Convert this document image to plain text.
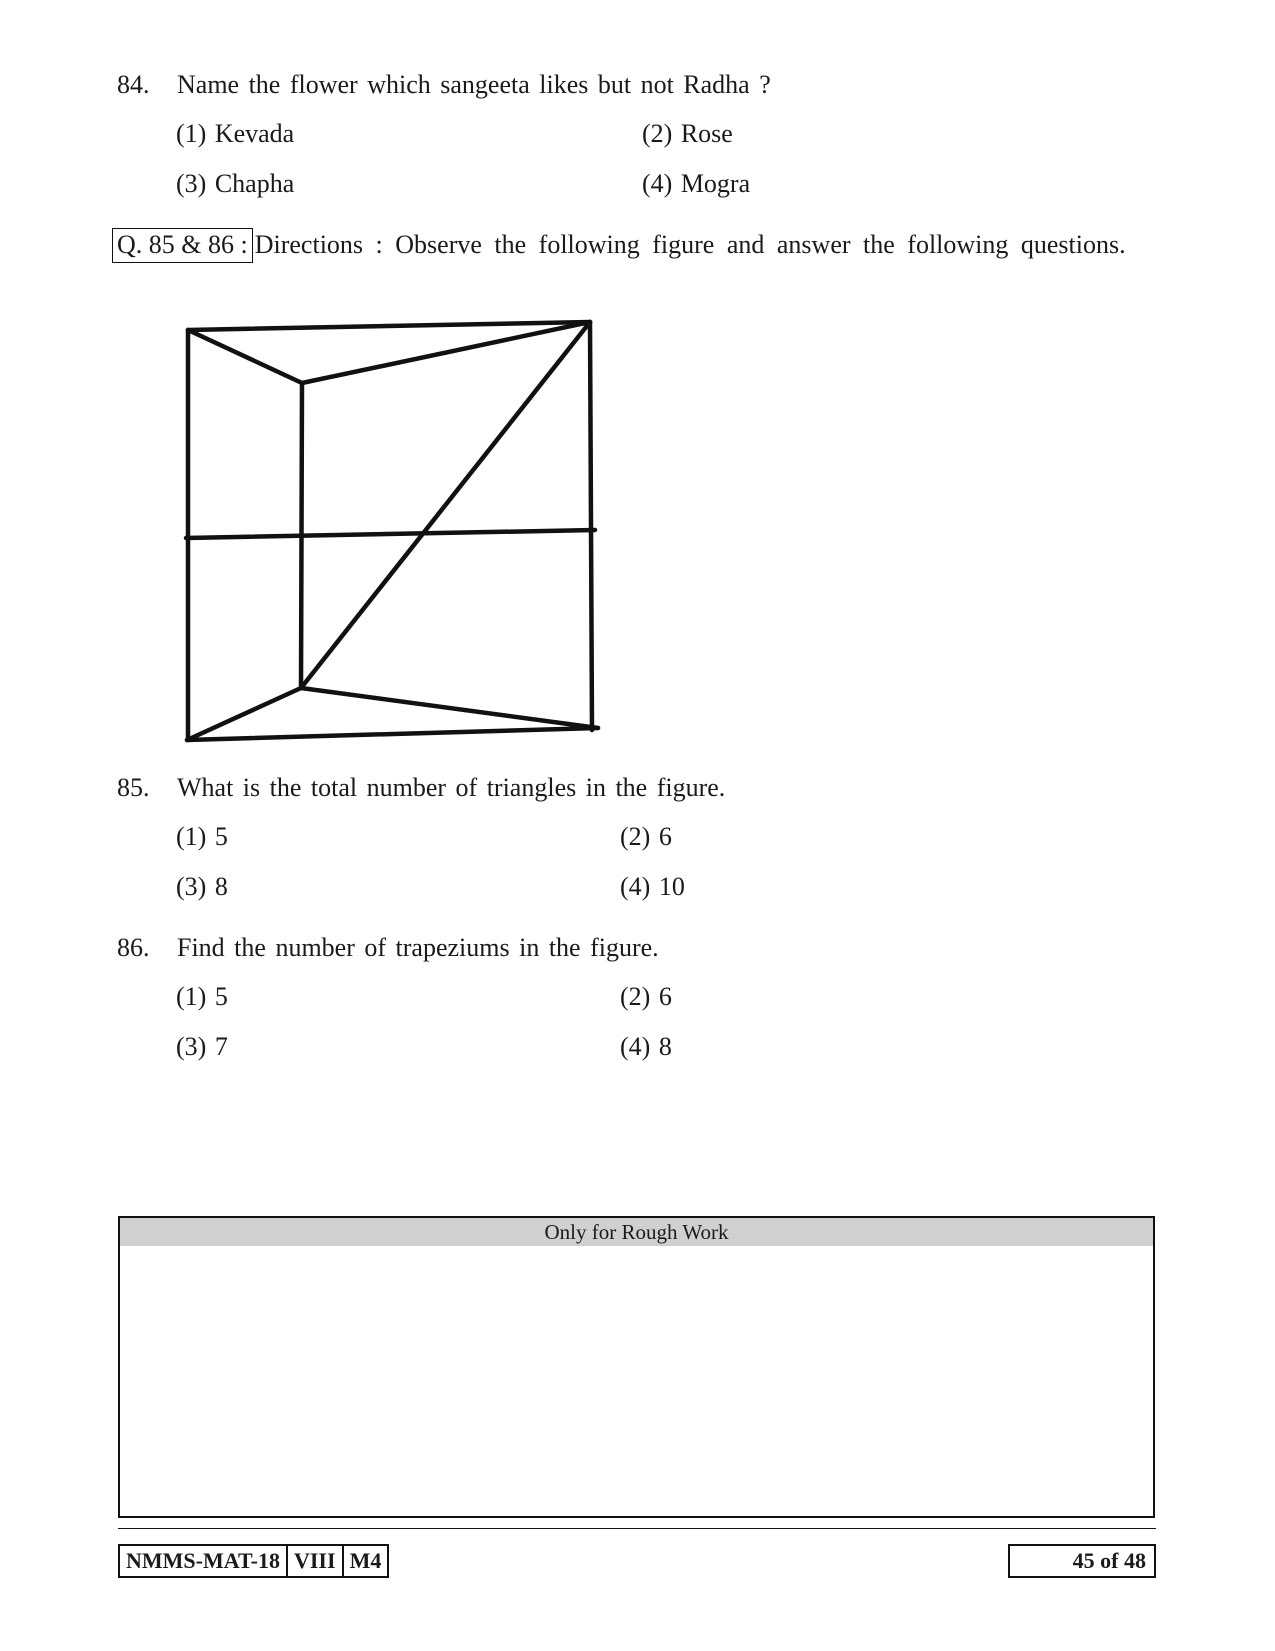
84. Name the flower which sangeeta likes but not Radha ?
(1) Kevada	(2) Rose
(3) Chapha	(4) Mogra
Q. 85 & 86 : Directions : Observe the following figure and answer the following questions.
85. What is the total number of triangles in the figure.
(1) 5	(2) 6
(3) 8	(4) 10
86. Find the number of trapeziums in the figure.
(1) 5	(2) 6
(3) 7	(4) 8
Only for Rough Work
NMMS-MAT-18 VIII M4	45 of 48
